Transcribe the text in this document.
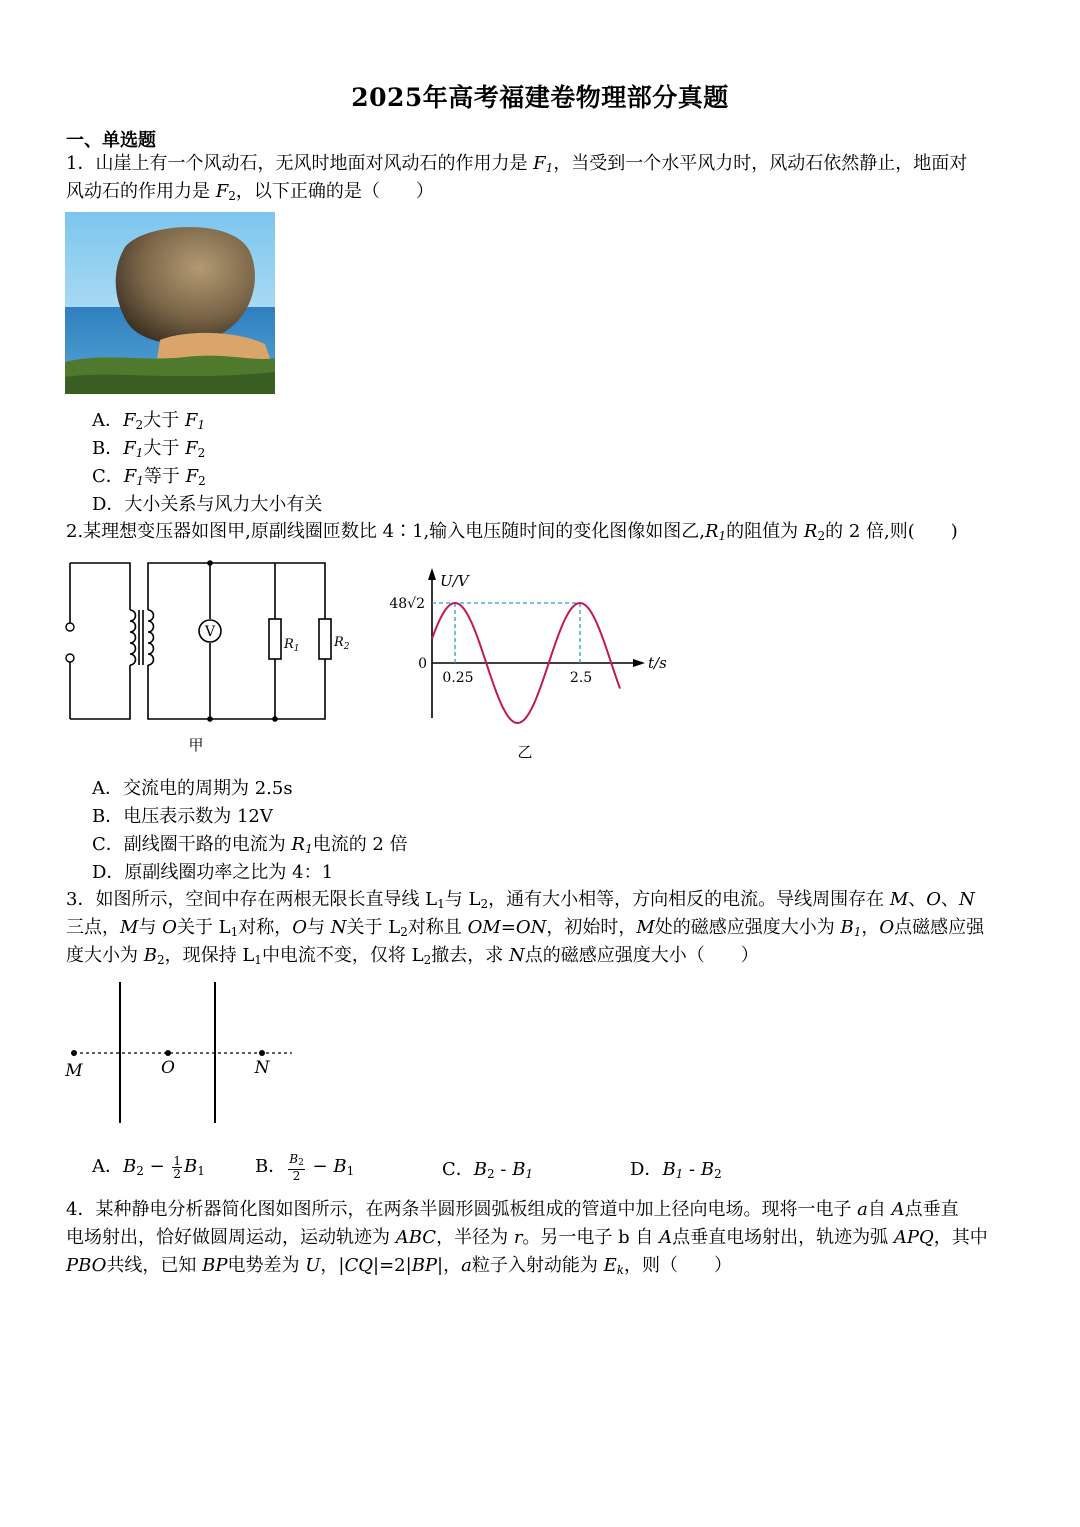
2025年高考福建卷物理部分真题
一、单选题
1．山崖上有一个风动石，无风时地面对风动石的作用力是 $F_1$，当受到一个水平风力时，风动石依然静止，地面对
风动石的作用力是 $F_2$，以下正确的是（　　）
A．$F_2$大于 $F_1$
B．$F_1$大于 $F_2$
C．$F_1$等于 $F_2$
D．大小关系与风力大小有关
2.某理想变压器如图甲,原副线圈匝数比 4∶1,输入电压随时间的变化图像如图乙$,R_1$的阻值为 $R_2$的 2 倍,则(　　)
V
$R_1$	$R_2$
甲
U/V
t/s
48√2
0
0.25	2.5
乙
A．交流电的周期为 2.5s
B．电压表示数为 12V
C．副线圈干路的电流为 $R_1$电流的 2 倍
D．原副线圈功率之比为 4：1
3．如图所示，空间中存在两根无限长直导线 $L_1$与 $L_2$，通有大小相等，方向相反的电流。导线周围存在 M、O、N
三点，M与 O关于 $L_1$对称，O与 N关于 $L_2$对称且 OM=ON，初始时，M处的磁感应强度大小为 $B_1$，O点磁感应强
度大小为 $B_2$，现保持 $L_1$中电流不变，仅将 $L_2$撤去，求 N点的磁感应强度大小（　　）
M	O	N
A．$B_2 - \frac{1}{2} B_1$	B． $\frac{B_2}{2} - B_1$	C．$B_2 - B_1$	D．$B_1 - B_2$
4．某种静电分析器简化图如图所示，在两条半圆形圆弧板组成的管道中加上径向电场。现将一电子 a自 A点垂直
电场射出，恰好做圆周运动，运动轨迹为 ABC，半径为 r。另一电子 b 自 A点垂直电场射出，轨迹为弧 APQ，其中
PBO共线，已知 BP电势差为 U，|CQ|=2|BP|，a粒子入射动能为 $E_k$，则（　　）
